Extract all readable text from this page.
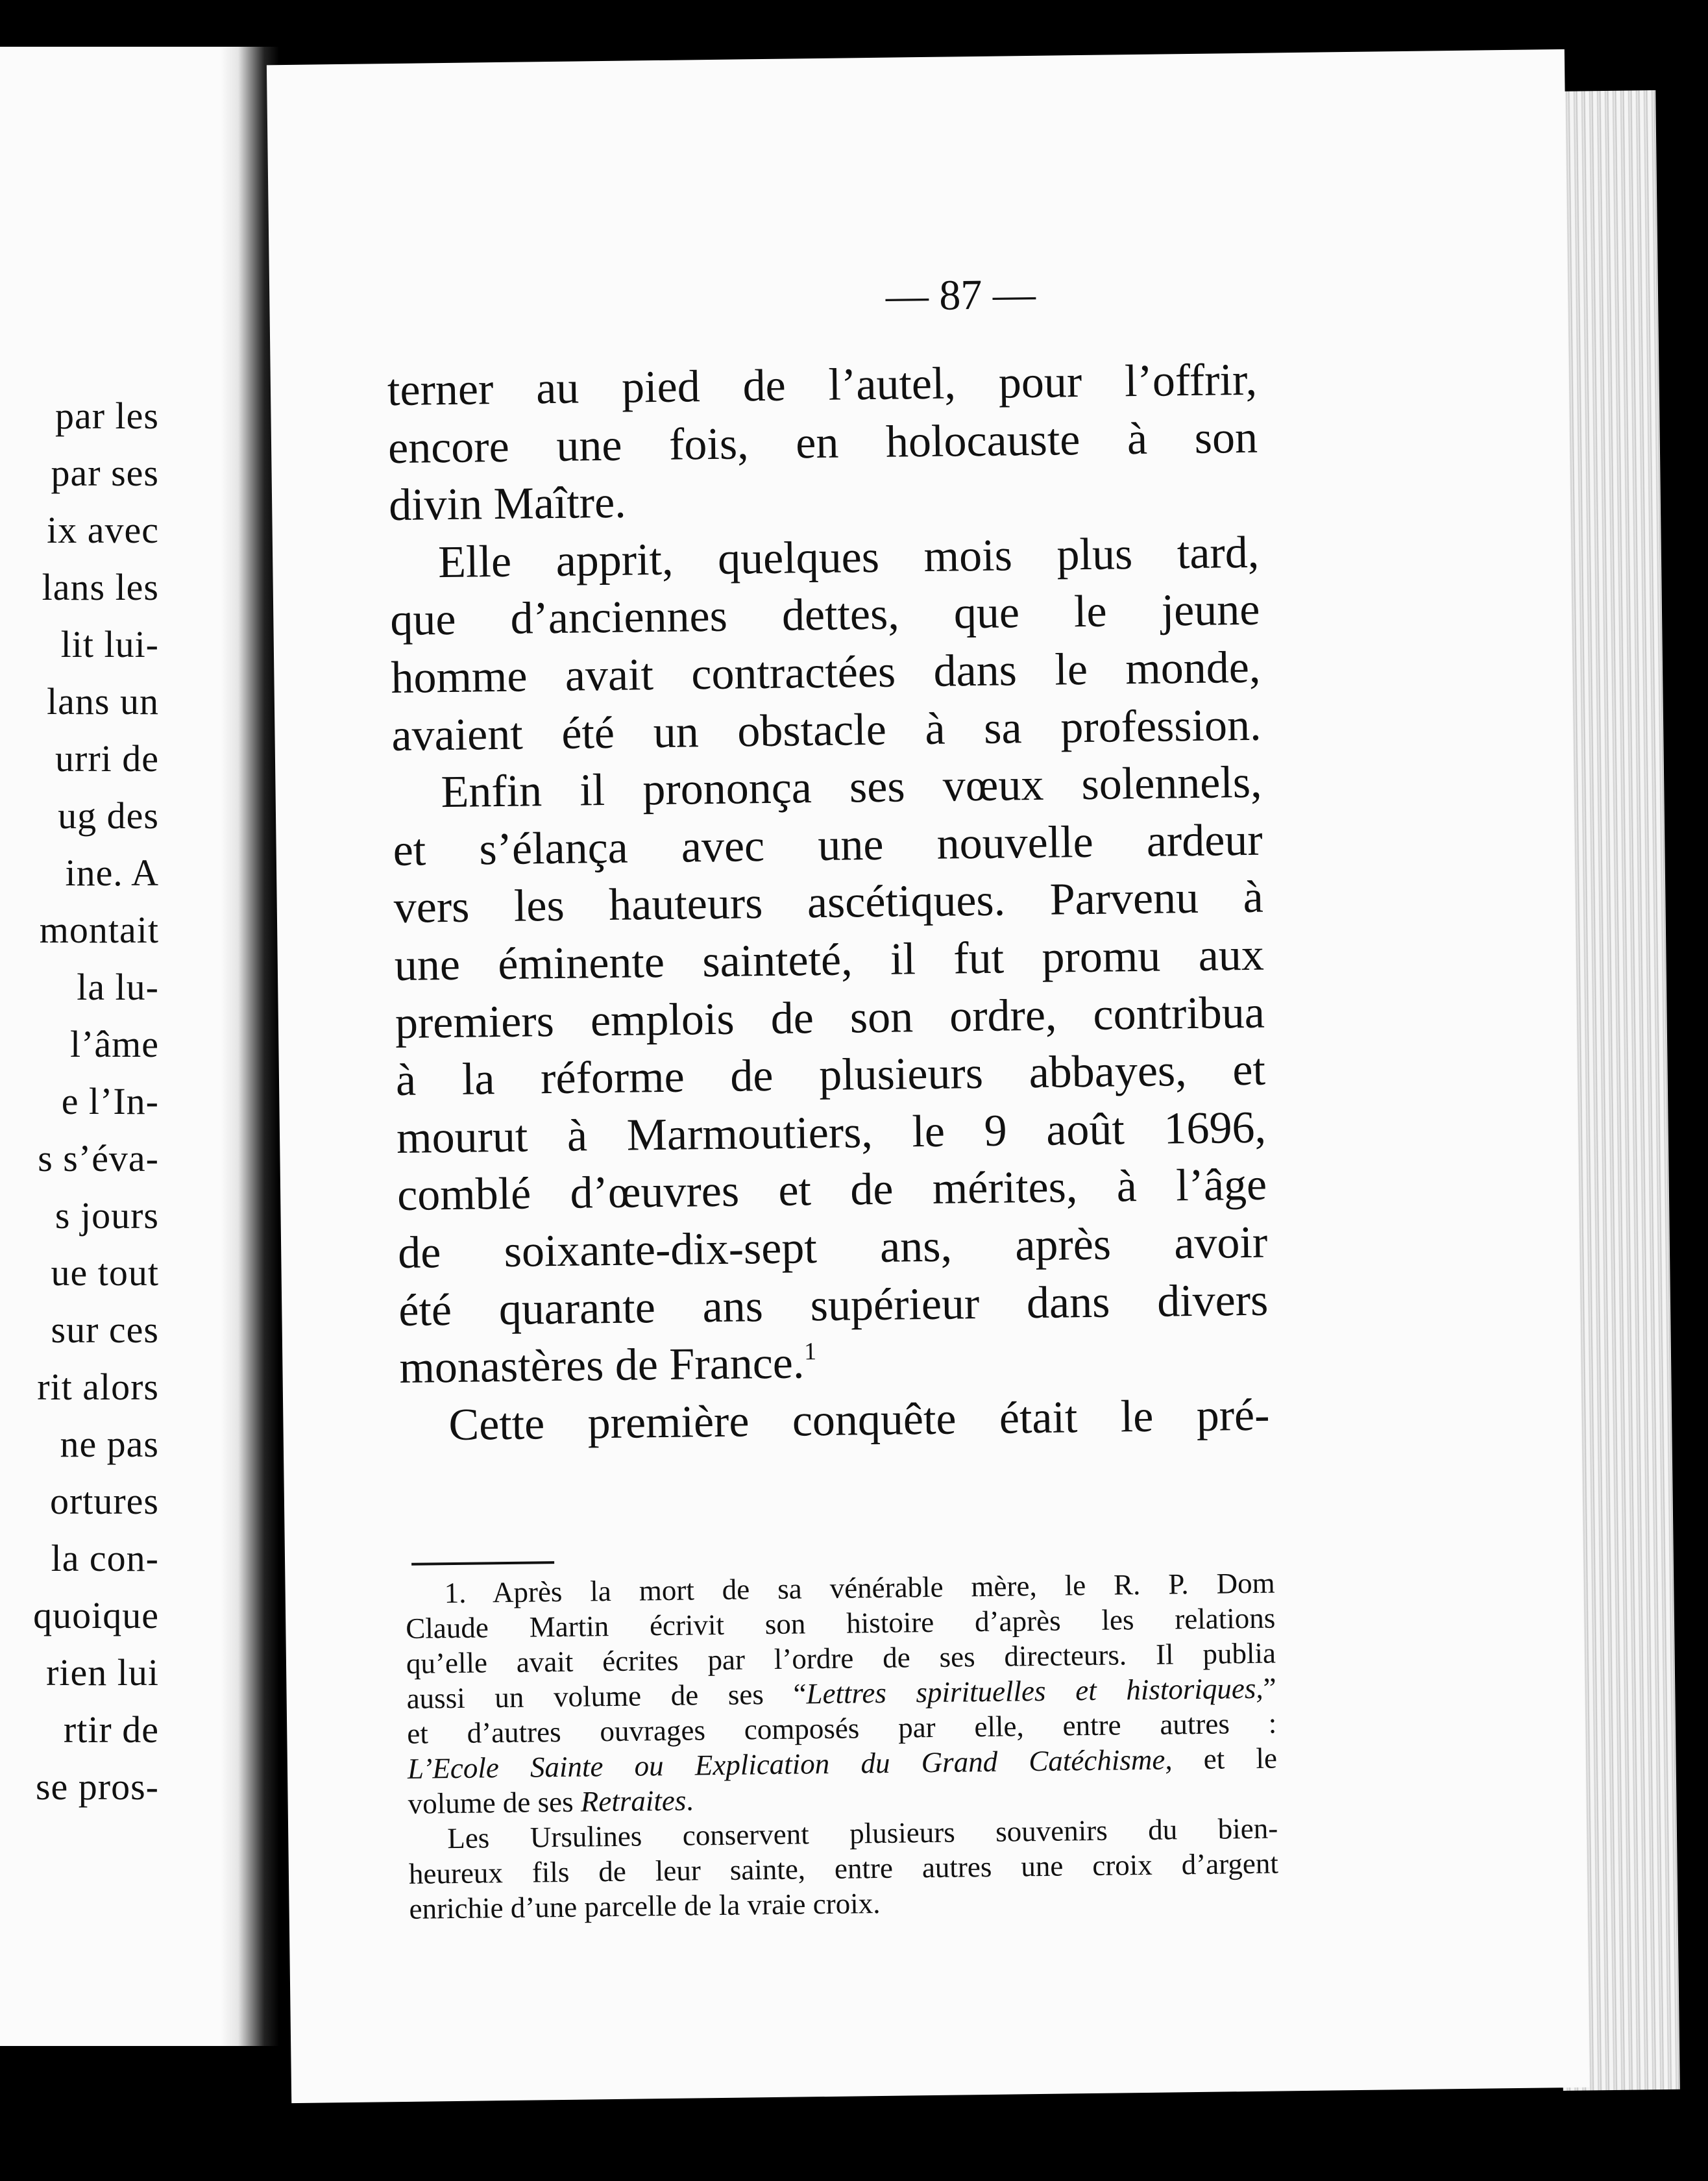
par les
par ses
ix avec
lans les
lit lui-
lans un
urri de
ug des
ine. A
montait
la lu-
l’âme
e l’In-
s s’éva-
s jours
ue tout
sur ces
rit alors
ne pas
ortures
la con-
quoique
rien lui
rtir de
se pros-
— 87 —
terner au pied de l’autel, pour l’offrir,
encore une fois, en holocauste à son
divin Maître.
Elle apprit, quelques mois plus tard,
que d’anciennes dettes, que le jeune
homme avait contractées dans le monde,
avaient été un obstacle à sa profession.
Enfin il prononça ses vœux solennels,
et s’élança avec une nouvelle ardeur
vers les hauteurs ascétiques. Parvenu à
une éminente sainteté, il fut promu aux
premiers emplois de son ordre, contribua
à la réforme de plusieurs abbayes, et
mourut à Marmoutiers, le 9 août 1696,
comblé d’œuvres et de mérites, à l’âge
de soixante-dix-sept ans, après avoir
été quarante ans supérieur dans divers
monastères de France.$^1$
Cette première conquête était le pré-
1. Après la mort de sa vénérable mère, le R. P. Dom
Claude Martin écrivit son histoire d’après les relations
qu’elle avait écrites par l’ordre de ses directeurs. Il publia
aussi un volume de ses “Lettres spirituelles et historiques,”
et d’autres ouvrages composés par elle, entre autres :
L’Ecole Sainte ou Explication du Grand Catéchisme, et le
volume de ses Retraites.
Les Ursulines conservent plusieurs souvenirs du bien-
heureux fils de leur sainte, entre autres une croix d’argent
enrichie d’une parcelle de la vraie croix.
